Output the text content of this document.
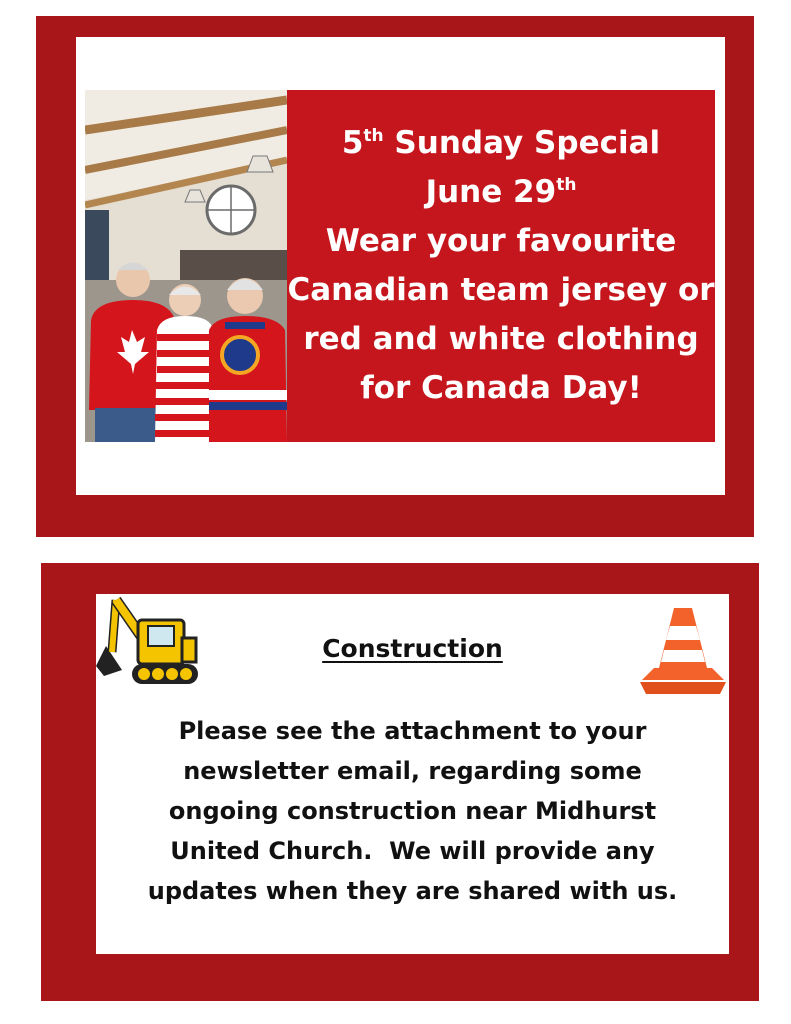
5th Sunday Special
June 29th
Wear your favourite
Canadian team jersey or
red and white clothing
for Canada Day!
Construction
Please see the attachment to your
newsletter email, regarding some
ongoing construction near Midhurst
United Church.  We will provide any
updates when they are shared with us.
